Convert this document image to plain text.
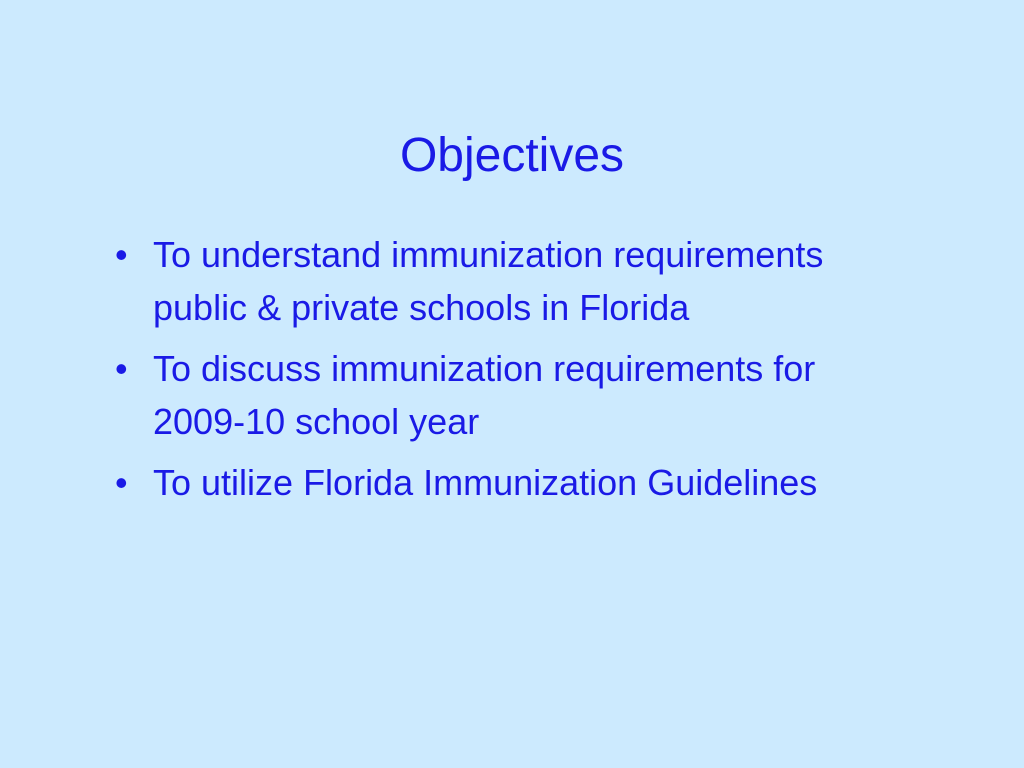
Objectives
• To understand immunization requirements public & private schools in Florida
• To discuss immunization requirements for 2009-10 school year
• To utilize Florida Immunization Guidelines
